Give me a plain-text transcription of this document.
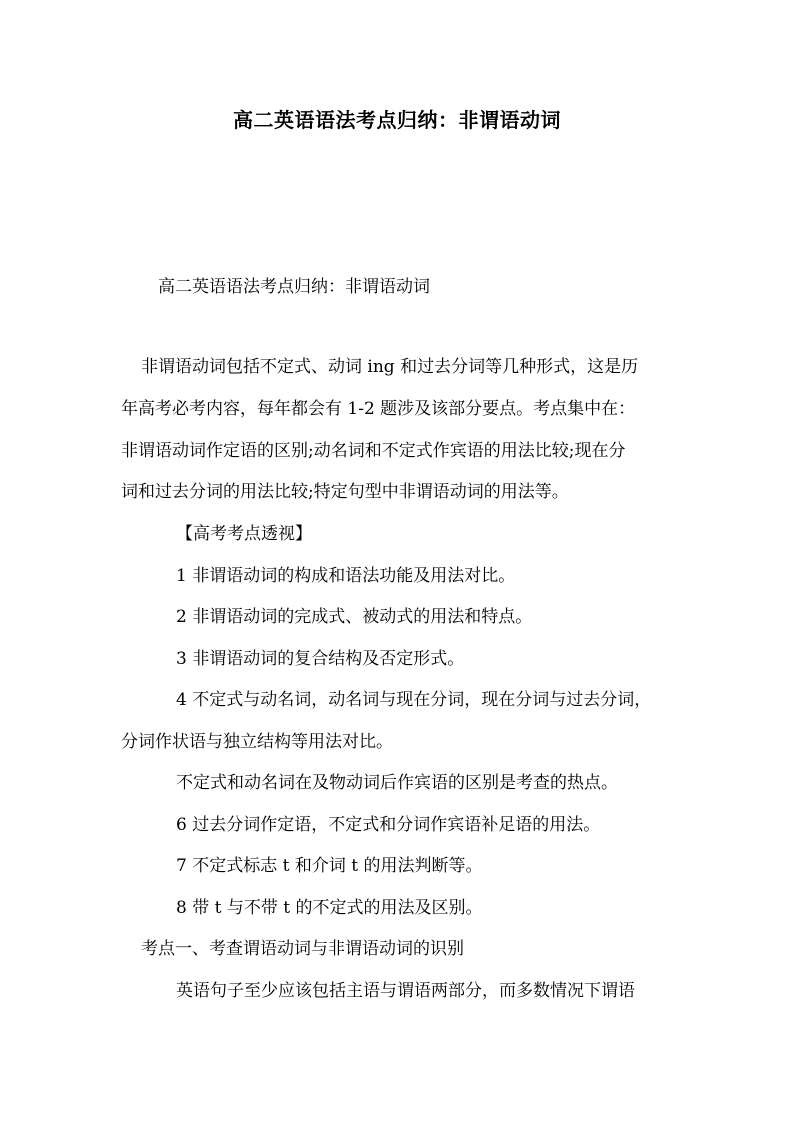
高二英语语法考点归纳：非谓语动词
高二英语语法考点归纳：非谓语动词
非谓语动词包括不定式、动词 ing 和过去分词等几种形式，这是历
年高考必考内容，每年都会有 1-2 题涉及该部分要点。考点集中在：
非谓语动词作定语的区别;动名词和不定式作宾语的用法比较;现在分
词和过去分词的用法比较;特定句型中非谓语动词的用法等。
【高考考点透视】
1 非谓语动词的构成和语法功能及用法对比。
2 非谓语动词的完成式、被动式的用法和特点。
3 非谓语动词的复合结构及否定形式。
4 不定式与动名词，动名词与现在分词，现在分词与过去分词，
分词作状语与独立结构等用法对比。
不定式和动名词在及物动词后作宾语的区别是考查的热点。
6 过去分词作定语，不定式和分词作宾语补足语的用法。
7 不定式标志 t 和介词 t 的用法判断等。
8 带 t 与不带 t 的不定式的用法及区别。
考点一、考查谓语动词与非谓语动词的识别
英语句子至少应该包括主语与谓语两部分，而多数情况下谓语
